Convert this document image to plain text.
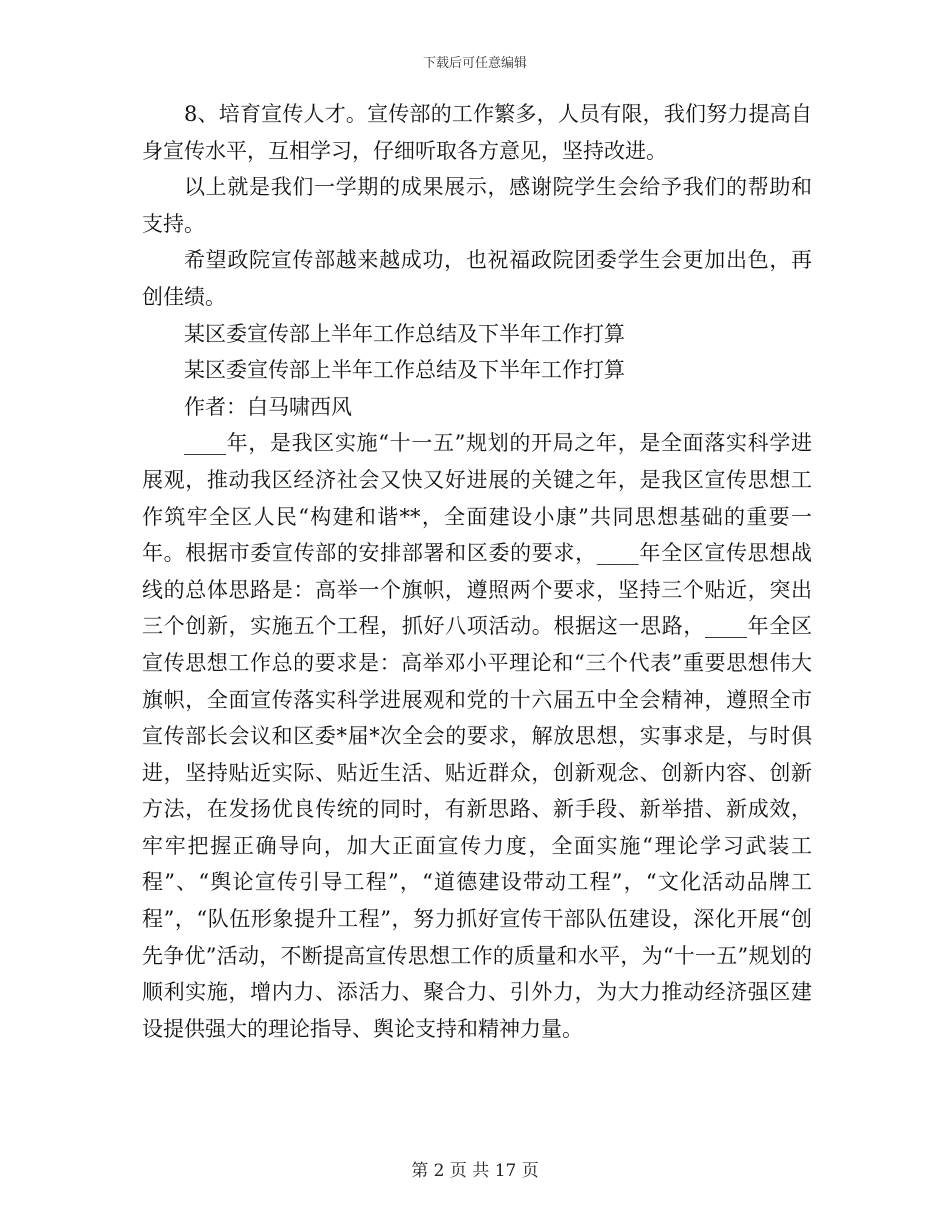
下载后可任意编辑

8、培育宣传人才。宣传部的工作繁多，人员有限，我们努力提高自身宣传水平，互相学习，仔细听取各方意见，坚持改进。

以上就是我们一学期的成果展示，感谢院学生会给予我们的帮助和支持。

希望政院宣传部越来越成功，也祝福政院团委学生会更加出色，再创佳绩。

某区委宣传部上半年工作总结及下半年工作打算

某区委宣传部上半年工作总结及下半年工作打算

作者：白马啸西风

____年，是我区实施“十一五”规划的开局之年，是全面落实科学进展观，推动我区经济社会又快又好进展的关键之年，是我区宣传思想工作筑牢全区人民“构建和谐**，全面建设小康”共同思想基础的重要一年。根据市委宣传部的安排部署和区委的要求，____年全区宣传思想战线的总体思路是：高举一个旗帜，遵照两个要求，坚持三个贴近，突出三个创新，实施五个工程，抓好八项活动。根据这一思路，____年全区宣传思想工作总的要求是：高举邓小平理论和“三个代表”重要思想伟大旗帜，全面宣传落实科学进展观和党的十六届五中全会精神，遵照全市宣传部长会议和区委*届*次全会的要求，解放思想，实事求是，与时俱进，坚持贴近实际、贴近生活、贴近群众，创新观念、创新内容、创新方法，在发扬优良传统的同时，有新思路、新手段、新举措、新成效，牢牢把握正确导向，加大正面宣传力度，全面实施“理论学习武装工程”、“舆论宣传引导工程”，“道德建设带动工程”，“文化活动品牌工程”，“队伍形象提升工程”，努力抓好宣传干部队伍建设，深化开展“创先争优”活动，不断提高宣传思想工作的质量和水平，为“十一五”规划的顺利实施，增内力、添活力、聚合力、引外力，为大力推动经济强区建设提供强大的理论指导、舆论支持和精神力量。

第 2 页 共 17 页
